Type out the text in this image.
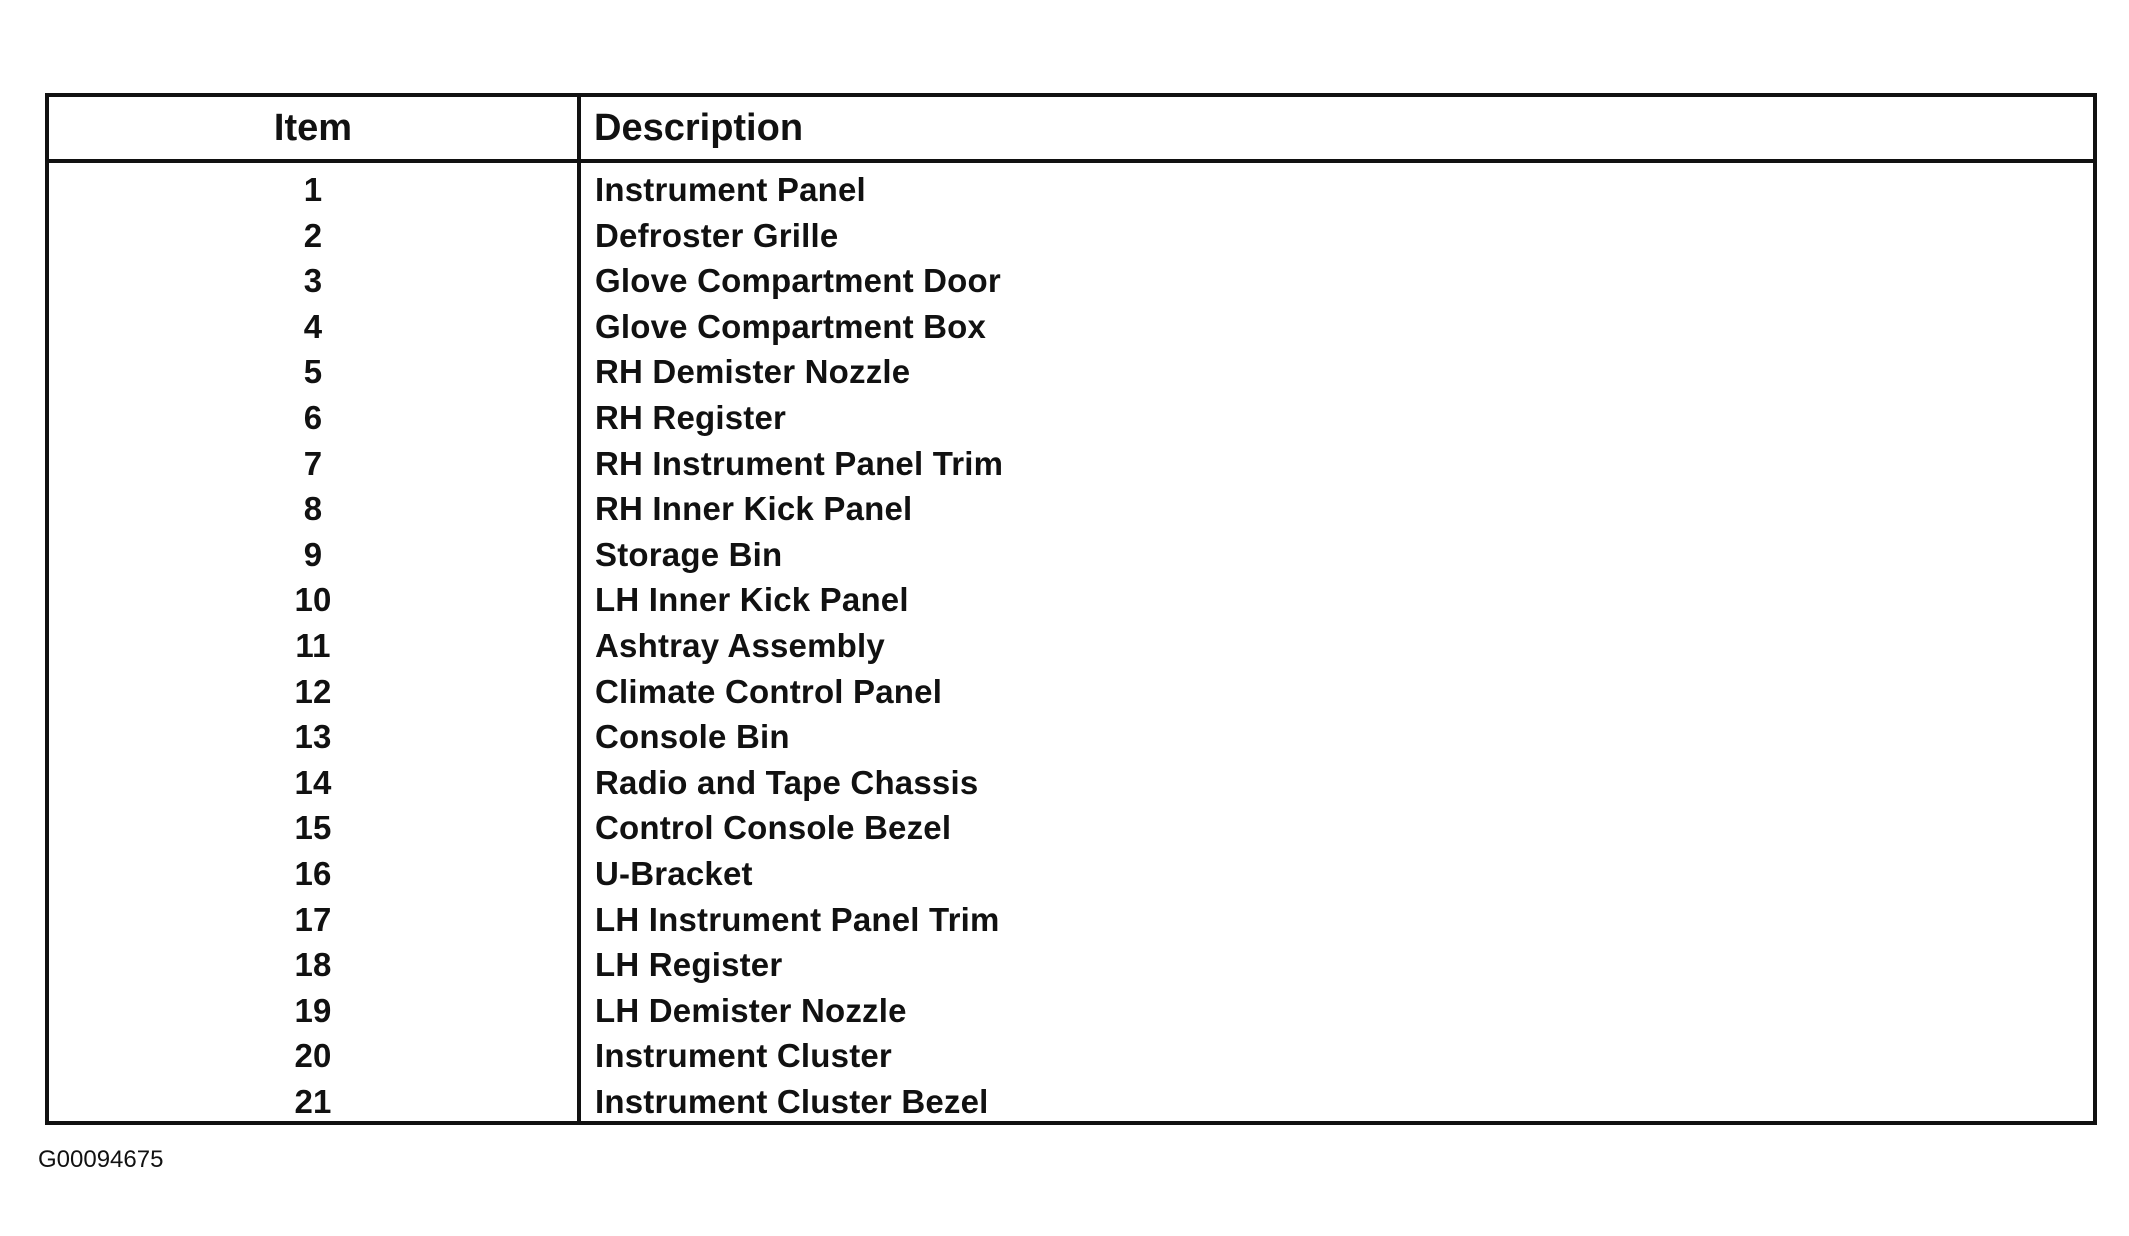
Item	Description
1	Instrument Panel
2	Defroster Grille
3	Glove Compartment Door
4	Glove Compartment Box
5	RH Demister Nozzle
6	RH Register
7	RH Instrument Panel Trim
8	RH Inner Kick Panel
9	Storage Bin
10	LH Inner Kick Panel
11	Ashtray Assembly
12	Climate Control Panel
13	Console Bin
14	Radio and Tape Chassis
15	Control Console Bezel
16	U-Bracket
17	LH Instrument Panel Trim
18	LH Register
19	LH Demister Nozzle
20	Instrument Cluster
21	Instrument Cluster Bezel
G00094675
